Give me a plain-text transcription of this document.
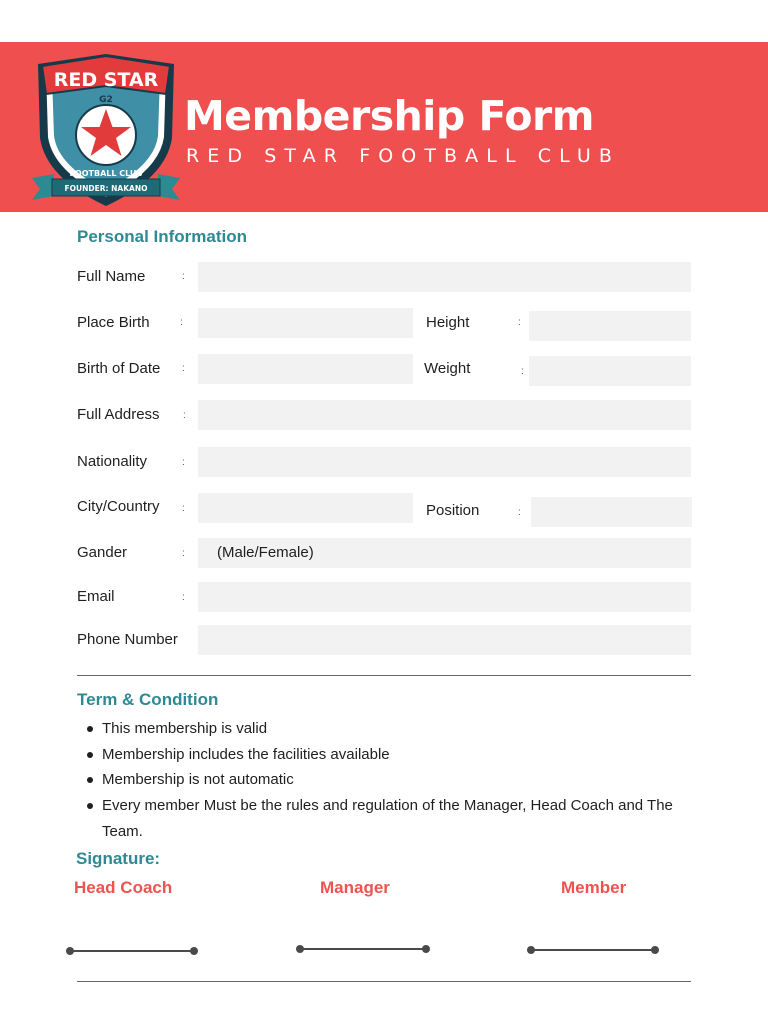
RED STAR
G2
FOOTBALL CLUB
FOUNDER: NAKANO
Membership Form

RED STAR FOOTBALL CLUB

Personal Information
Full Name	:
Place Birth	:	Height	:
Birth of Date :	Weight	:
Full Address :
Nationality	:
City/Country :	Position	:
Gander	: (Male/Female)
Email	:
Phone Number
Term & Condition
This membership is valid
Membership includes the facilities available
Membership is not automatic
Every member Must be the rules and regulation of the Manager, Head Coach and The Team.
Signature:

Head Coach	Manager	Member
